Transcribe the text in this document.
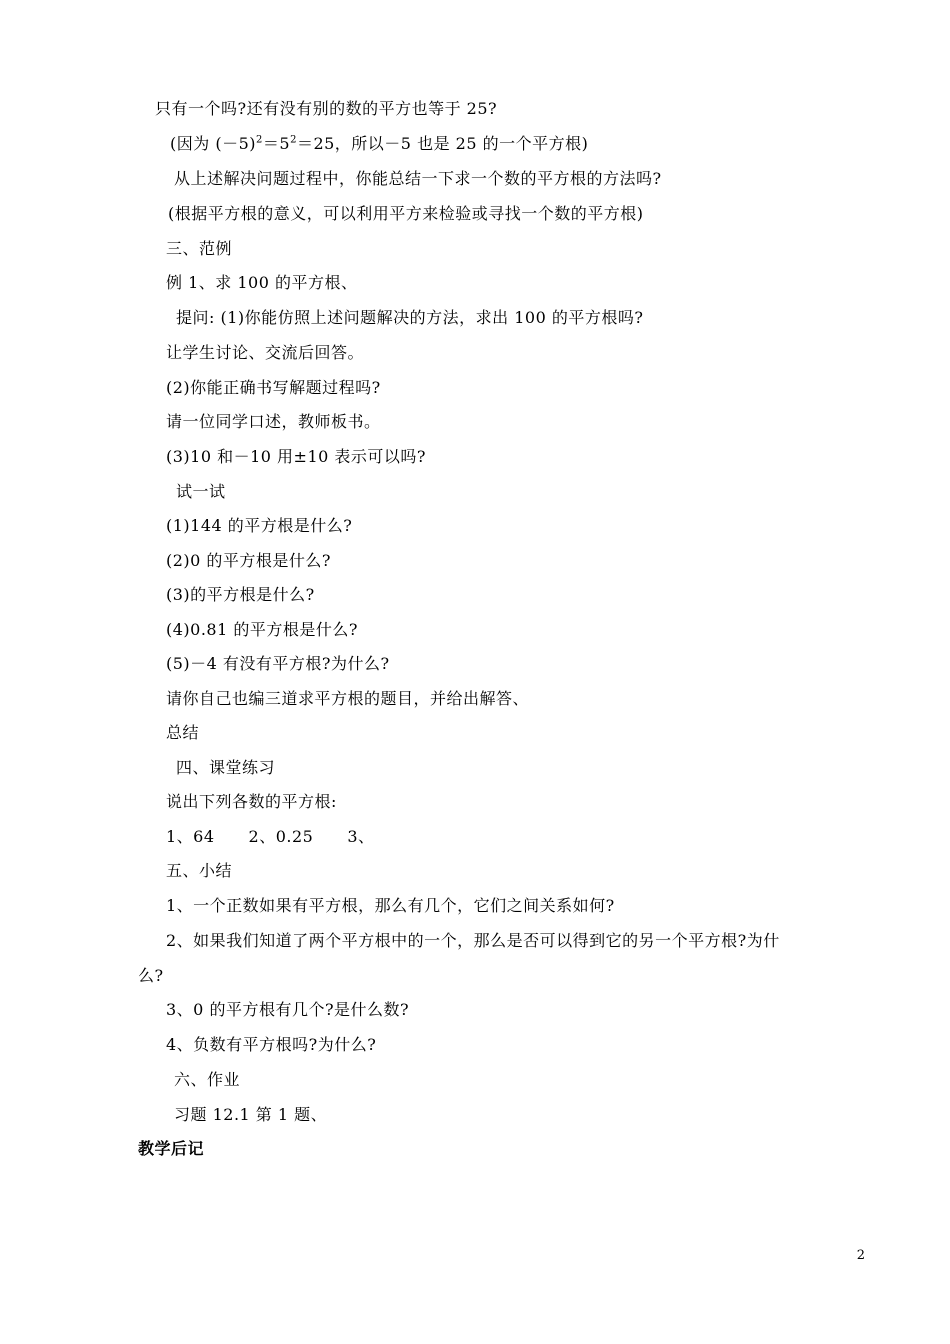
只有一个吗?还有没有别的数的平方也等于 25?
(因为 $(-5)^2=5^2=25$，所以－5 也是 25 的一个平方根)
从上述解决问题过程中，你能总结一下求一个数的平方根的方法吗?
(根据平方根的意义，可以利用平方来检验或寻找一个数的平方根)
三、范例
例 1、求 100 的平方根、
提问: (1)你能仿照上述问题解决的方法，求出 100 的平方根吗?
让学生讨论、交流后回答。
(2)你能正确书写解题过程吗?
请一位同学口述，教师板书。
(3)10 和－10 用±10 表示可以吗?
试一试
(1)144 的平方根是什么?
(2)0 的平方根是什么?
(3)的平方根是什么?
(4)0.81 的平方根是什么?
(5)－4 有没有平方根?为什么?
请你自己也编三道求平方根的题目，并给出解答、
总结
四、课堂练习
说出下列各数的平方根:
1、64 2、0.25 3、
五、小结
1、一个正数如果有平方根，那么有几个，它们之间关系如何?
2、如果我们知道了两个平方根中的一个，那么是否可以得到它的另一个平方根?为什
么?
3、0 的平方根有几个?是什么数?
4、负数有平方根吗?为什么?
六、作业
习题 12.1 第 1 题、
教学后记
2
